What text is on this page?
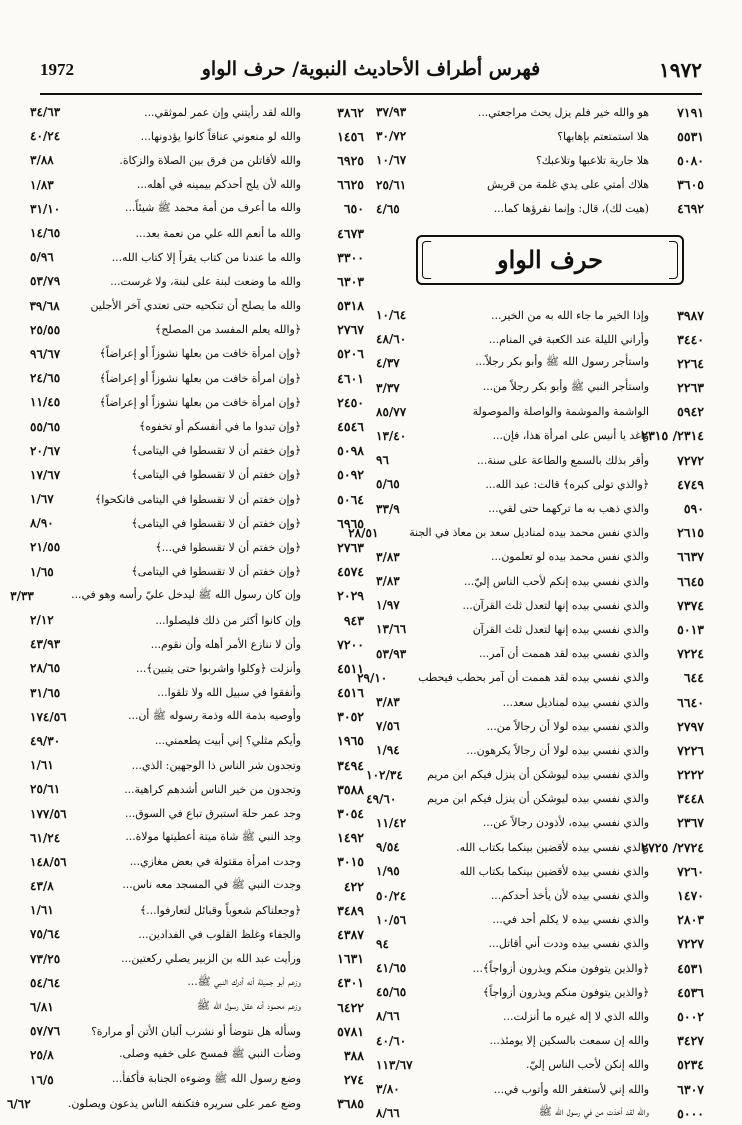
1972	فهرس أطراف الأحاديث النبوية/ حرف الواو	١٩٧٢
٧١٩١
هو والله خير فلم يزل يحث مراجعتي...
٣٧/٩٣
٥٥٣١
هلا استمتعتم بإهابها؟
٣٠/٧٢
٥٠٨٠
هلا جارية تلاعبها وتلاعبك؟
١٠/٦٧
٣٦٠٥
هلاك أمتي على يدي غلمة من قريش
٢٥/٦١
٤٦٩٢
(هيت لك)، قال: وإنما نقرؤها كما...
٤/٦٥
حرف الواو
٣٩٨٧
وإذا الخير ما جاء الله به من الخير...
١٠/٦٤
٣٤٤٠
وأراني الليلة عند الكعبة في المنام...
٤٨/٦٠
٢٢٦٤
واستأجر رسول الله ﷺ وأبو بكر رجلاً...
٤/٣٧
٢٢٦٣
واستأجر النبي ﷺ وأبو بكر رجلاً من...
٣/٣٧
٥٩٤٢
الواشمة والموشمة والواصلة والموصولة
٨٥/٧٧
٢٣١٤/ ٢٣١٥
واغد يا أنيس على امرأة هذا، فإن...
١٣/٤٠
٧٢٧٢
وأقر بذلك بالسمع والطاعة على سنة...
٩٦
٤٧٤٩
﴿والذي تولى كبره﴾ قالت: عبد الله...
٥/٦٥
٥٩٠
والذي ذهب به ما تركهما حتى لقي...
٣٣/٩
٢٦١٥
والذي نفس محمد بيده لمناديل سعد بن معاذ في الجنة
٢٨/٥١
٦٦٣٧
والذي نفس محمد بيده لو تعلمون...
٣/٨٣
٦٦٤٥
والذي نفسي بيده إنكم لأحب الناس إليّ...
٣/٨٣
٧٣٧٤
والذي نفسي بيده إنها لتعدل ثلث القرآن...
١/٩٧
٥٠١٣
والذي نفسي بيده إنها لتعدل ثلث القرآن
١٣/٦٦
٧٢٢٤
والذي نفسي بيده لقد هممت أن آمر...
٥٣/٩٣
٦٤٤
والذي نفسي بيده لقد هممت أن آمر بحطب فيحطب
٢٩/١٠
٦٦٤٠
والذي نفسي بيده لمناديل سعد...
٣/٨٣
٢٧٩٧
والذي نفسي بيده لولا أن رجالاً من...
٧/٥٦
٧٢٢٦
والذي نفسي بيده لولا أن رجالاً يكرهون...
١/٩٤
٢٢٢٢
والذي نفسي بيده ليوشكن أن ينزل فيكم ابن مريم
١٠٢/٣٤
٣٤٤٨
والذي نفسي بيده ليوشكن أن ينزل فيكم ابن مريم
٤٩/٦٠
٢٣٦٧
والذي نفسي بيده، لأذودن رجالاً عن...
١١/٤٢
٢٧٢٤/ ٢٧٢٥
والذي نفسي بيده لأقضين بينكما بكتاب الله.
٩/٥٤
٧٢٦٠
والذي نفسي بيده لأقضين بينكما بكتاب الله
١/٩٥
١٤٧٠
والذي نفسي بيده لأن يأخذ أحدكم...
٥٠/٢٤
٢٨٠٣
والذي نفسي بيده لا يكلم أحد في...
١٠/٥٦
٧٢٢٧
والذي نفسي بيده وددت أني أقاتل...
٩٤
٤٥٣١
﴿والذين يتوفون منكم ويذرون أزواجاً﴾...
٤١/٦٥
٤٥٣٦
﴿والذين يتوفون منكم ويذرون أزواجاً﴾
٤٥/٦٥
٥٠٠٢
والله الذي لا إله غيره ما أنزلت...
٨/٦٦
٣٤٢٧
والله إن سمعت بالسكين إلا يومئذ...
٤٠/٦٠
٥٢٣٤
والله إنكن لأحب الناس إليّ.
١١٣/٦٧
٦٣٠٧
والله إني لأستغفر الله وأتوب في...
٣/٨٠
٥٠٠٠
والله لقد أخذت من في رسول الله ﷺ
٨/٦٦
٣٨٦٢
والله لقد رأيتني وإن عمر لموثقي...
٣٤/٦٣
١٤٥٦
والله لو منعوني عناقاً كانوا يؤدونها...
٤٠/٢٤
٦٩٢٥
والله لأقاتلن من فرق بين الصلاة والزكاة.
٣/٨٨
٦٦٢٥
والله لأن يلج أحدكم بيمينه في أهله...
١/٨٣
٦٥٠
والله ما أعرف من أمة محمد ﷺ شيئاً...
٣١/١٠
٤٦٧٣
والله ما أنعم الله علي من نعمة بعد...
١٤/٦٥
٣٣٠٠
والله ما عندنا من كتاب يقرأ إلا كتاب الله...
٥/٩٦
٦٣٠٣
والله ما وضعت لبنة على لبنة، ولا غرست...
٥٣/٧٩
٥٣١٨
والله ما يصلح أن تنكحيه حتى تعتدي آخر الأجلين
٣٩/٦٨
٢٧٦٧
﴿والله يعلم المفسد من المصلح﴾
٢٥/٥٥
٥٢٠٦
﴿وإن امرأة خافت من بعلها نشوزاً أو إعراضاً﴾
٩٦/٦٧
٤٦٠١
﴿وإن امرأة خافت من بعلها نشوزاً أو إعراضاً﴾
٢٤/٦٥
٢٤٥٠
﴿وإن امرأة خافت من بعلها نشوزاً أو إعراضاً﴾
١١/٤٥
٤٥٤٦
﴿وإن تبدوا ما في أنفسكم أو تخفوه﴾
٥٥/٦٥
٥٠٩٨
﴿وإن خفتم أن لا تقسطوا في اليتامى﴾
٢٠/٦٧
٥٠٩٢
﴿وإن خفتم أن لا تقسطوا في اليتامى﴾
١٧/٦٧
٥٠٦٤
﴿وإن خفتم أن لا تقسطوا في اليتامى فانكحوا﴾
١/٦٧
٦٩٦٥
﴿وإن خفتم أن لا تقسطوا في اليتامى﴾
٨/٩٠
٢٧٦٣
﴿وإن خفتم أن لا تقسطوا في...﴾
٢١/٥٥
٤٥٧٤
﴿وإن خفتم أن لا تقسطوا في اليتامى﴾
١/٦٥
٢٠٢٩
وإن كان رسول الله ﷺ ليدخل عليّ رأسه وهو في...
٣/٣٣
٩٤٣
وإن كانوا أكثر من ذلك فليصلوا...
٢/١٢
٧٢٠٠
وأن لا ننازع الأمر أهله وأن نقوم...
٤٣/٩٣
٤٥١١
وأنزلت ﴿وكلوا واشربوا حتى يتبين﴾...
٢٨/٦٥
٤٥١٦
وأنفقوا في سبيل الله ولا تلقوا...
٣١/٦٥
٣٠٥٢
وأوصيه بذمة الله وذمة رسوله ﷺ أن...
١٧٤/٥٦
١٩٦٥
وأيكم مثلي؟ إني أبيت يطعمني...
٤٩/٣٠
٣٤٩٤
وتجدون شر الناس ذا الوجهين: الذي...
١/٦١
٣٥٨٨
وتجدون من خير الناس أشدهم كراهية...
٢٥/٦١
٣٠٥٤
وجد عمر حلة استبرق تباع في السوق...
١٧٧/٥٦
١٤٩٢
وجد النبي ﷺ شاة ميتة أعطيتها مولاة...
٦١/٢٤
٣٠١٥
وجدت امرأة مقتولة في بعض مغازي...
١٤٨/٥٦
٤٢٢
وجدت النبي ﷺ في المسجد معه ناس...
٤٣/٨
٣٤٨٩
﴿وجعلناكم شعوباً وقبائل لتعارفوا...﴾
١/٦١
٤٣٨٧
والجفاء وغلظ القلوب في الفدادين...
٧٥/٦٤
١٦٣١
ورأيت عبد الله بن الزبير يصلي ركعتين...
٧٣/٢٥
٤٣٠١
وزعم أبو جميلة أنه أدرك النبي ﷺ...
٥٤/٦٤
٦٤٢٢
وزعم محمود أنه عقل رسول الله ﷺ
٦/٨١
٥٧٨١
وسأله هل نتوضأ أو نشرب ألبان الأتن أو مرارة؟
٥٧/٧٦
٣٨٨
وضأت النبي ﷺ فمسح على خفيه وصلى.
٢٥/٨
٢٧٤
وضع رسول الله ﷺ وضوءه الجنابة فأكفأ...
١٦/٥
٣٦٨٥
وضع عمر على سريره فتكنفه الناس يدعون ويصلون.
٦/٦٢
